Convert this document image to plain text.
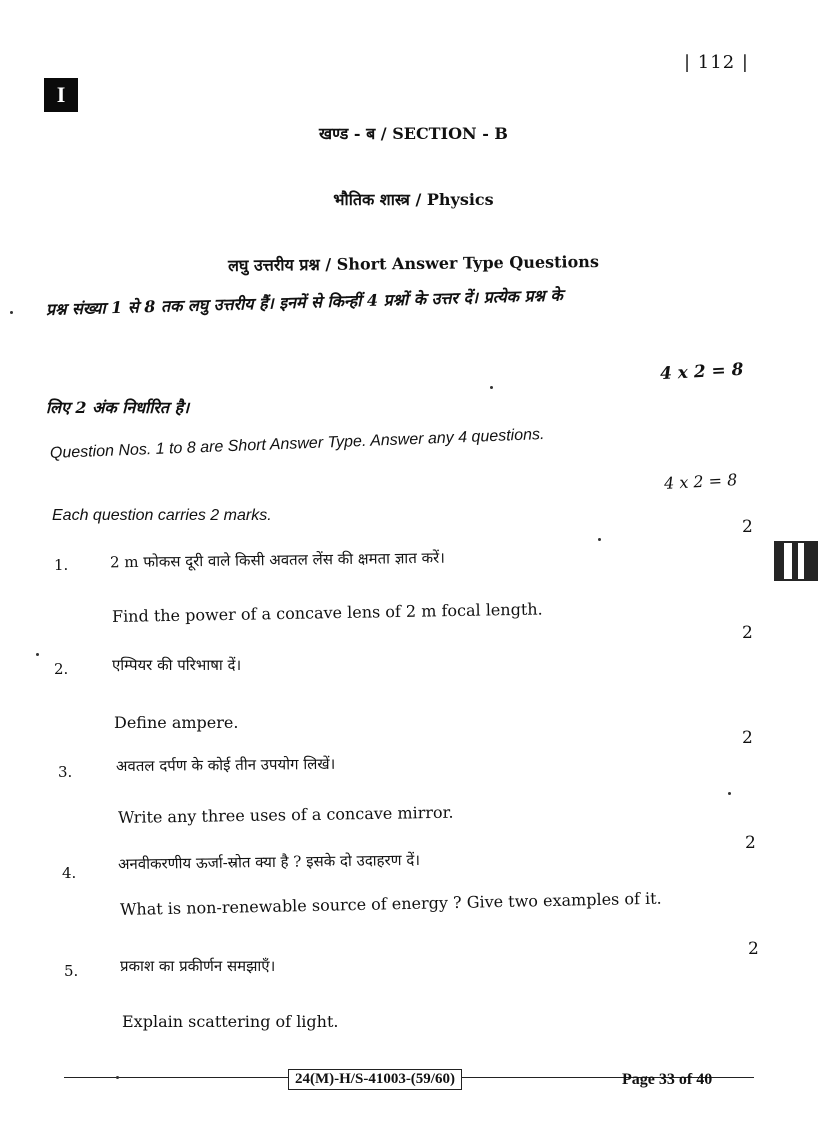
I
| 112 |
खण्ड - ब / SECTION - B
भौतिक शास्त्र / Physics
लघु उत्तरीय प्रश्न / Short Answer Type Questions
प्रश्न संख्या 1 से 8 तक लघु उत्तरीय हैं। इनमें से किन्हीं 4 प्रश्नों के उत्तर दें। प्रत्येक प्रश्न के
4 x 2 = 8
लिए 2 अंक निर्धारित है।
Question Nos. 1 to 8 are Short Answer Type. Answer any 4 questions.
4 x 2 = 8
Each question carries 2 marks.
2
1.	2 m फोकस दूरी वाले किसी अवतल लेंस की क्षमता ज्ञात करें।
Find the power of a concave lens of 2 m focal length.
2
2.	एम्पियर की परिभाषा दें।
Define ampere.
2
3.	अवतल दर्पण के कोई तीन उपयोग लिखें।
Write any three uses of a concave mirror.
2
4.	अनवीकरणीय ऊर्जा-स्रोत क्या है ? इसके दो उदाहरण दें।
What is non-renewable source of energy ? Give two examples of it.
2
5.	प्रकाश का प्रकीर्णन समझाएँ।
Explain scattering of light.
24(M)-H/S-41003-(59/60)	Page 33 of 40
